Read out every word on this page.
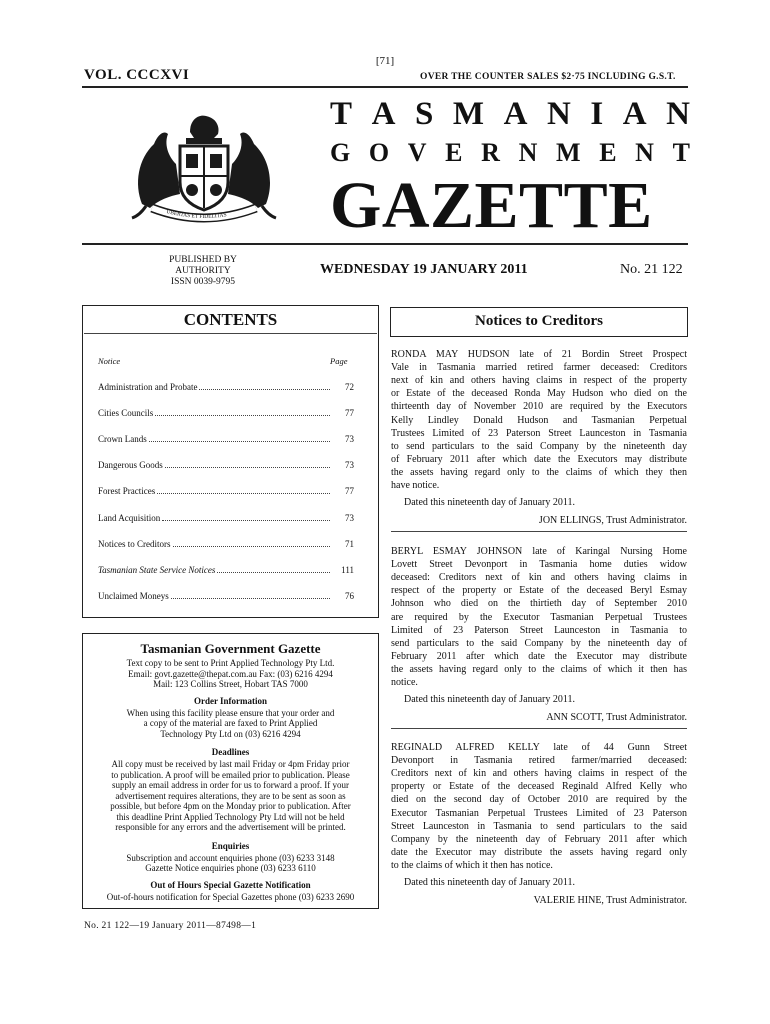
[71]
VOL. CCCXVI	OVER THE COUNTER SALES $2·75 INCLUDING G.S.T.
UBERTAS ET FIDELITAS
T A S M A N I A N
G O V E R N M E N T
GAZETTE
PUBLISHED BY
AUTHORITY
ISSN 0039-9795
WEDNESDAY 19 JANUARY 2011	No. 21 122
CONTENTS
Notice	Page
Administration and Probate	72
Cities Councils	77
Crown Lands	73
Dangerous Goods	73
Forest Practices	77
Land Acquisition	73
Notices to Creditors	71
Tasmanian State Service Notices	111
Unclaimed Moneys	76
Tasmanian Government Gazette
Text copy to be sent to Print Applied Technology Pty Ltd.
Email: govt.gazette@thepat.com.au Fax: (03) 6216 4294
Mail: 123 Collins Street, Hobart TAS 7000
Order Information
When using this facility please ensure that your order and
a copy of the material are faxed to Print Applied
Technology Pty Ltd on (03) 6216 4294
Deadlines
All copy must be received by last mail Friday or 4pm Friday prior
to publication. A proof will be emailed prior to publication. Please
supply an email address in order for us to forward a proof. If your
advertisement requires alterations, they are to be sent as soon as
possible, but before 4pm on the Monday prior to publication. After
this deadline Print Applied Technology Pty Ltd will not be held
responsible for any errors and the advertisement will be printed.
Enquiries
Subscription and account enquiries phone (03) 6233 3148
Gazette Notice enquiries phone (03) 6233 6110
Out of Hours Special Gazette Notification
Out-of-hours notification for Special Gazettes phone (03) 6233 2690
No. 21 122—19 January 2011—87498—1
Notices to Creditors
RONDA MAY HUDSON late of 21 Bordin Street Prospect
Vale in Tasmania married retired farmer deceased: Creditors
next of kin and others having claims in respect of the property
or Estate of the deceased Ronda May Hudson who died on the
thirteenth day of November 2010 are required by the Executors
Kelly Lindley Donald Hudson and Tasmanian Perpetual
Trustees Limited of 23 Paterson Street Launceston in Tasmania
to send particulars to the said Company by the nineteenth day
of February 2011 after which date the Executors may distribute
the assets having regard only to the claims of which they then
have notice.
Dated this nineteenth day of January 2011.
JON ELLINGS, Trust Administrator.
BERYL ESMAY JOHNSON late of Karingal Nursing Home
Lovett Street Devonport in Tasmania home duties widow
deceased: Creditors next of kin and others having claims in
respect of the property or Estate of the deceased Beryl Esmay
Johnson who died on the thirtieth day of September 2010
are required by the Executor Tasmanian Perpetual Trustees
Limited of 23 Paterson Street Launceston in Tasmania to
send particulars to the said Company by the nineteenth day of
February 2011 after which date the Executor may distribute
the assets having regard only to the claims of which it then has
notice.
Dated this nineteenth day of January 2011.
ANN SCOTT, Trust Administrator.
REGINALD ALFRED KELLY late of 44 Gunn Street
Devonport in Tasmania retired farmer/married deceased:
Creditors next of kin and others having claims in respect of the
property or Estate of the deceased Reginald Alfred Kelly who
died on the second day of October 2010 are required by the
Executor Tasmanian Perpetual Trustees Limited of 23 Paterson
Street Launceston in Tasmania to send particulars to the said
Company by the nineteenth day of February 2011 after which
date the Executor may distribute the assets having regard only
to the claims of which it then has notice.
Dated this nineteenth day of January 2011.
VALERIE HINE, Trust Administrator.
